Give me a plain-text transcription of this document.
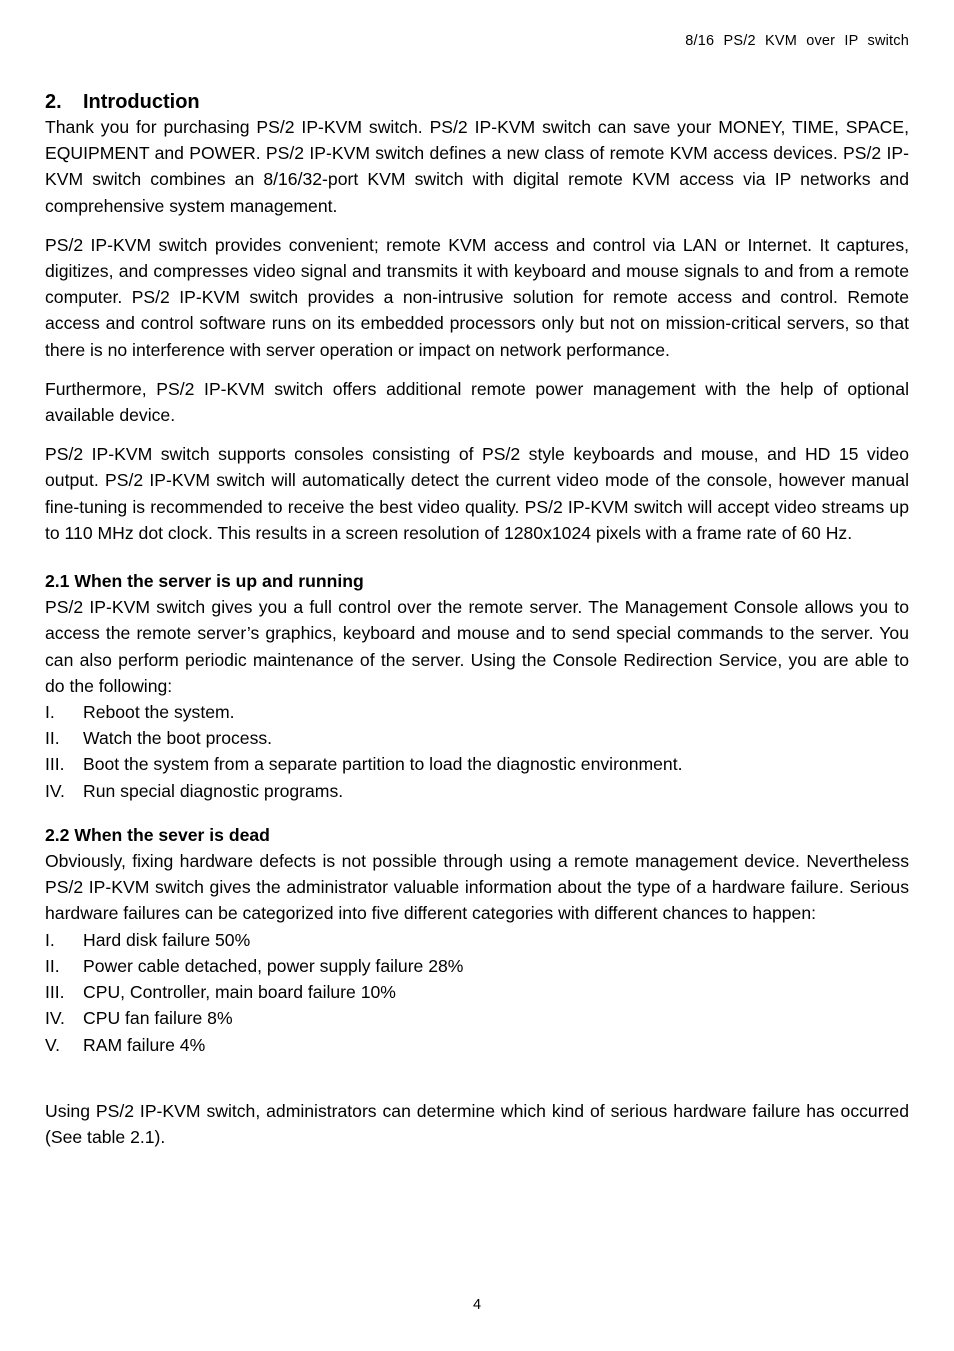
8/16 PS/2 KVM over IP switch
2. Introduction

Thank you for purchasing PS/2 IP-KVM switch. PS/2 IP-KVM switch can save your MONEY, TIME, SPACE, EQUIPMENT and POWER. PS/2 IP-KVM switch defines a new class of remote KVM access devices. PS/2 IP-KVM switch combines an 8/16/32-port KVM switch with digital remote KVM access via IP networks and comprehensive system management.

PS/2 IP-KVM switch provides convenient; remote KVM access and control via LAN or Internet. It captures, digitizes, and compresses video signal and transmits it with keyboard and mouse signals to and from a remote computer. PS/2 IP-KVM switch provides a non-intrusive solution for remote access and control. Remote access and control software runs on its embedded processors only but not on mission-critical servers, so that there is no interference with server operation or impact on network performance.

Furthermore, PS/2 IP-KVM switch offers additional remote power management with the help of optional available device.

PS/2 IP-KVM switch supports consoles consisting of PS/2 style keyboards and mouse, and HD 15 video output. PS/2 IP-KVM switch will automatically detect the current video mode of the console, however manual fine-tuning is recommended to receive the best video quality. PS/2 IP-KVM switch will accept video streams up to 110 MHz dot clock. This results in a screen resolution of 1280x1024 pixels with a frame rate of 60 Hz.

2.1 When the server is up and running

PS/2 IP-KVM switch gives you a full control over the remote server. The Management Console allows you to access the remote server’s graphics, keyboard and mouse and to send special commands to the server. You can also perform periodic maintenance of the server. Using the Console Redirection Service, you are able to do the following:

I.	Reboot the system.
II.	Watch the boot process.
III.	Boot the system from a separate partition to load the diagnostic environment.
IV.	Run special diagnostic programs.
2.2 When the sever is dead

Obviously, fixing hardware defects is not possible through using a remote management device. Nevertheless PS/2 IP-KVM switch gives the administrator valuable information about the type of a hardware failure. Serious hardware failures can be categorized into five different categories with different chances to happen:

I.	Hard disk failure 50%
II.	Power cable detached, power supply failure 28%
III.	CPU, Controller, main board failure 10%
IV.	CPU fan failure 8%
V.	RAM failure 4%

Using PS/2 IP-KVM switch, administrators can determine which kind of serious hardware failure has occurred (See table 2.1).

4
